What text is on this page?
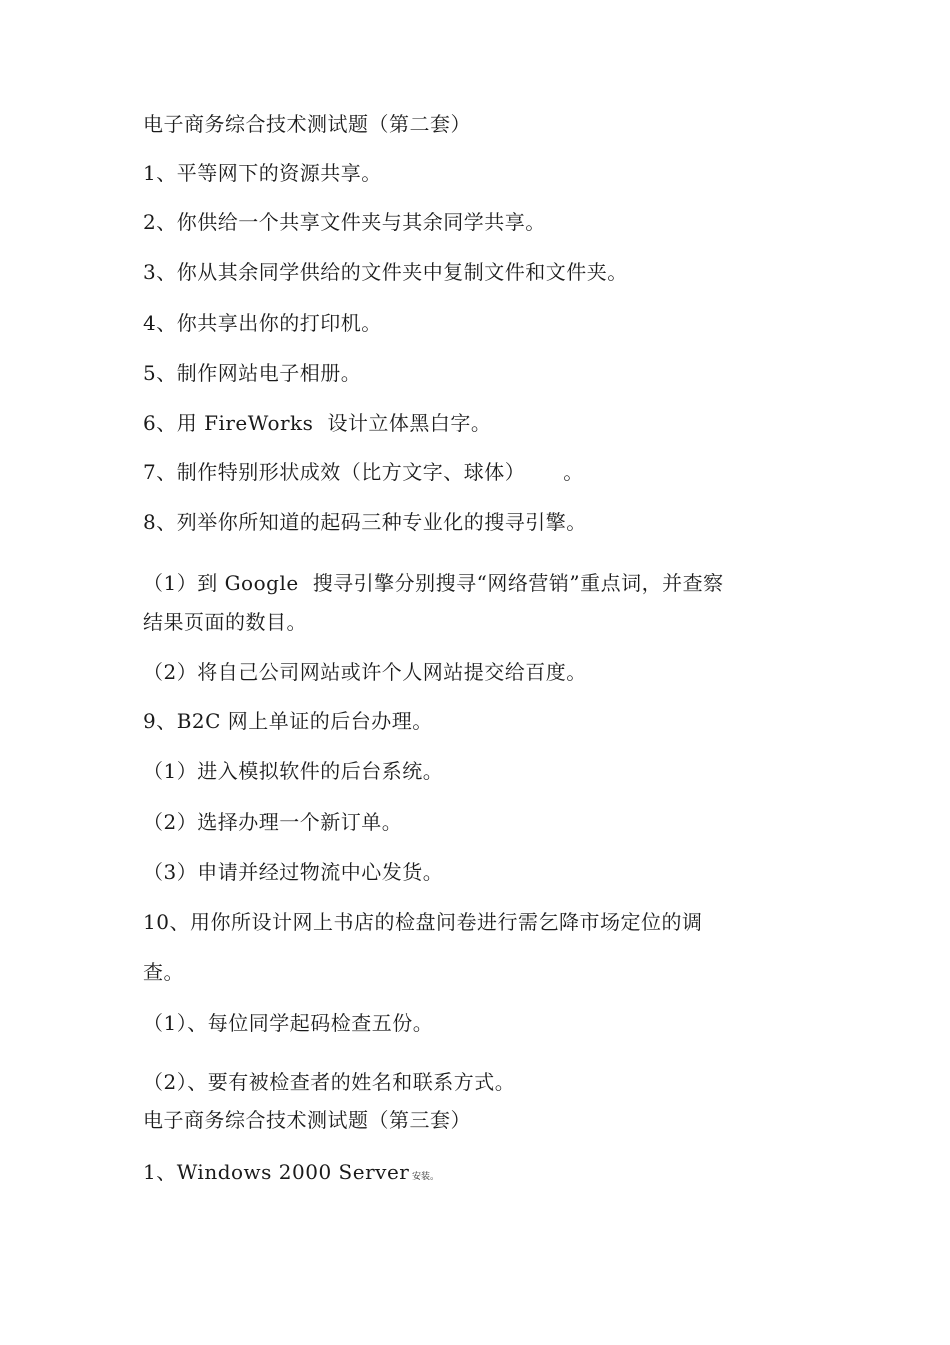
电子商务综合技术测试题（第二套）
1、平等网下的资源共享。
2、你供给一个共享文件夹与其余同学共享。
3、你从其余同学供给的文件夹中复制文件和文件夹。
4、你共享出你的打印机。
5、制作网站电子相册。
6、用 FireWorks 设计立体黑白字。
7、制作特别形状成效（比方文字、球体） 。
8、列举你所知道的起码三种专业化的搜寻引擎。
（1）到 Google 搜寻引擎分别搜寻“网络营销”重点词，并查察
结果页面的数目。
（2）将自己公司网站或许个人网站提交给百度。
9、B2C 网上单证的后台办理。
（1）进入模拟软件的后台系统。
（2）选择办理一个新订单。
（3）申请并经过物流中心发货。
10、用你所设计网上书店的检盘问卷进行需乞降市场定位的调
查。
（1）、每位同学起码检查五份。
（2）、要有被检查者的姓名和联系方式。
电子商务综合技术测试题（第三套）
1、Windows 2000 Server 安装。
